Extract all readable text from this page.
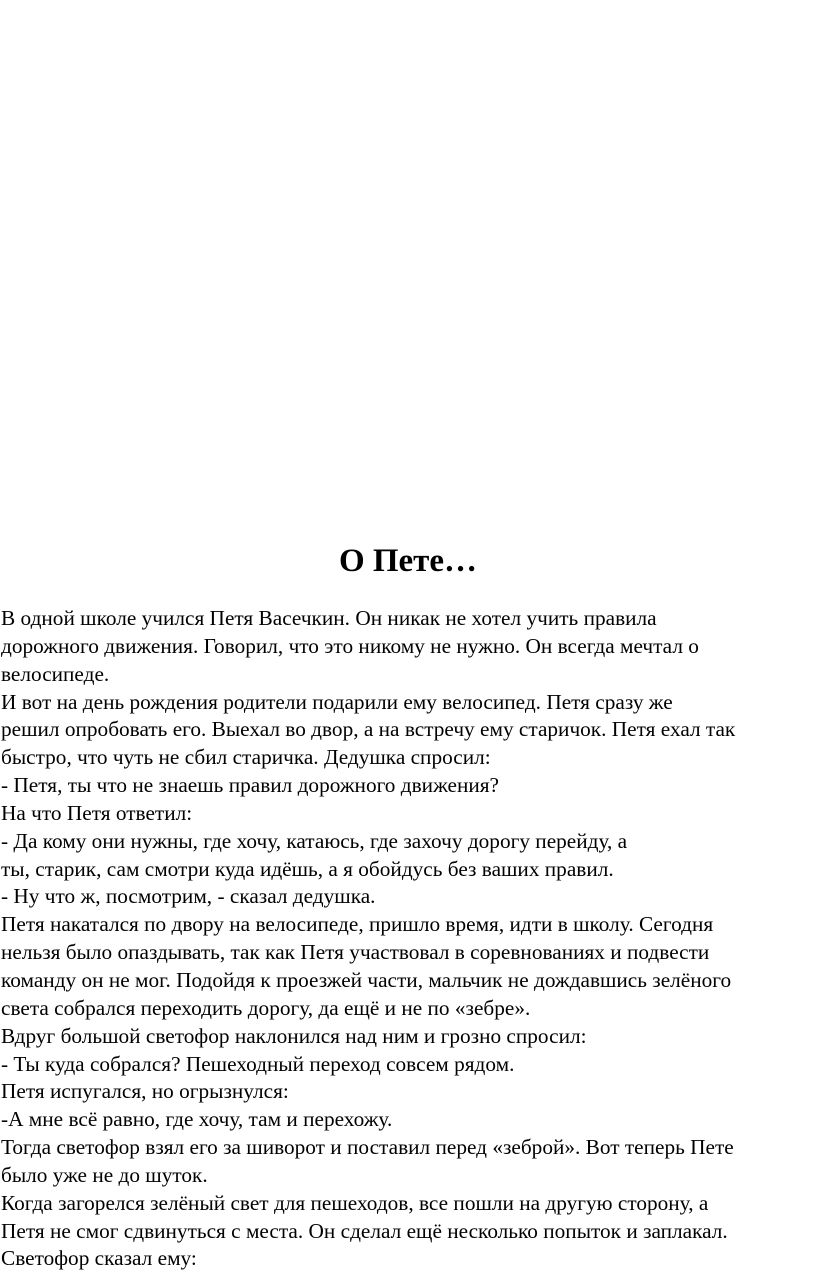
О Пете…
В одной школе учился Петя Васечкин. Он никак не хотел учить правила
дорожного движения. Говорил, что это никому не нужно. Он всегда мечтал о
велосипеде.
И вот на день рождения родители подарили ему велосипед. Петя сразу же
решил опробовать его. Выехал во двор, а на встречу ему старичок. Петя ехал так
быстро, что чуть не сбил старичка. Дедушка спросил:
- Петя, ты что не знаешь правил дорожного движения?
На что Петя ответил:
- Да кому они нужны, где хочу, катаюсь, где захочу дорогу перейду, а
ты, старик, сам смотри куда идёшь, а я обойдусь без ваших правил.
- Ну что ж, посмотрим, - сказал дедушка.
Петя накатался по двору на велосипеде, пришло время, идти в школу. Сегодня
нельзя было опаздывать, так как Петя участвовал в соревнованиях и подвести
команду он не мог. Подойдя к проезжей части, мальчик не дождавшись зелёного
света собрался переходить дорогу, да ещё и не по «зебре».
Вдруг большой светофор наклонился над ним и грозно спросил:
- Ты куда собрался? Пешеходный переход совсем рядом.
Петя испугался, но огрызнулся:
-А мне всё равно, где хочу, там и перехожу.
Тогда светофор взял его за шиворот и поставил перед «зеброй». Вот теперь Пете
было уже не до шуток.
Когда загорелся зелёный свет для пешеходов, все пошли на другую сторону, а
Петя не смог сдвинуться с места. Он сделал ещё несколько попыток и заплакал.
Светофор сказал ему:
